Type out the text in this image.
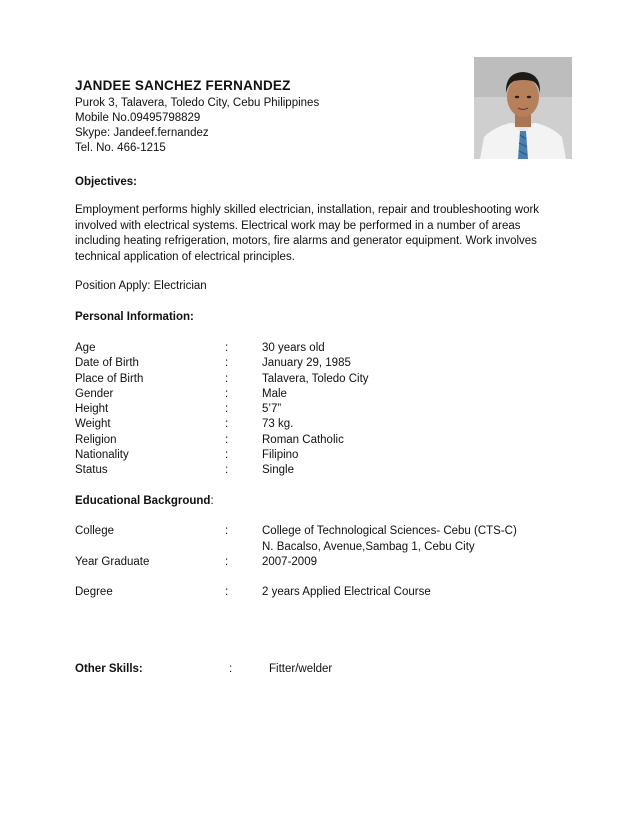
JANDEE SANCHEZ FERNANDEZ
Purok 3, Talavera, Toledo City, Cebu Philippines
Mobile No.09495798829
Skype: Jandeef.fernandez
Tel. No. 466-1215
Objectives:
Employment performs highly skilled electrician, installation, repair and troubleshooting work involved with electrical systems. Electrical work may be performed in a number of areas including heating refrigeration, motors, fire alarms and generator equipment. Work involves technical application of electrical principles.
Position Apply: Electrician
Personal Information:
Age	:	30 years old
Date of Birth	:	January 29, 1985
Place of Birth	:	Talavera, Toledo City
Gender	:	Male
Height	:	5’7”
Weight	:	73 kg.
Religion	:	Roman Catholic
Nationality	:	Filipino
Status	:	Single
Educational Background:
College	:	College of Technological Sciences- Cebu (CTS-C)
N. Bacalso, Avenue,Sambag 1, Cebu City
Year Graduate	:	2007-2009
Degree	:	2 years Applied Electrical Course
Other Skills:	:	Fitter/welder
